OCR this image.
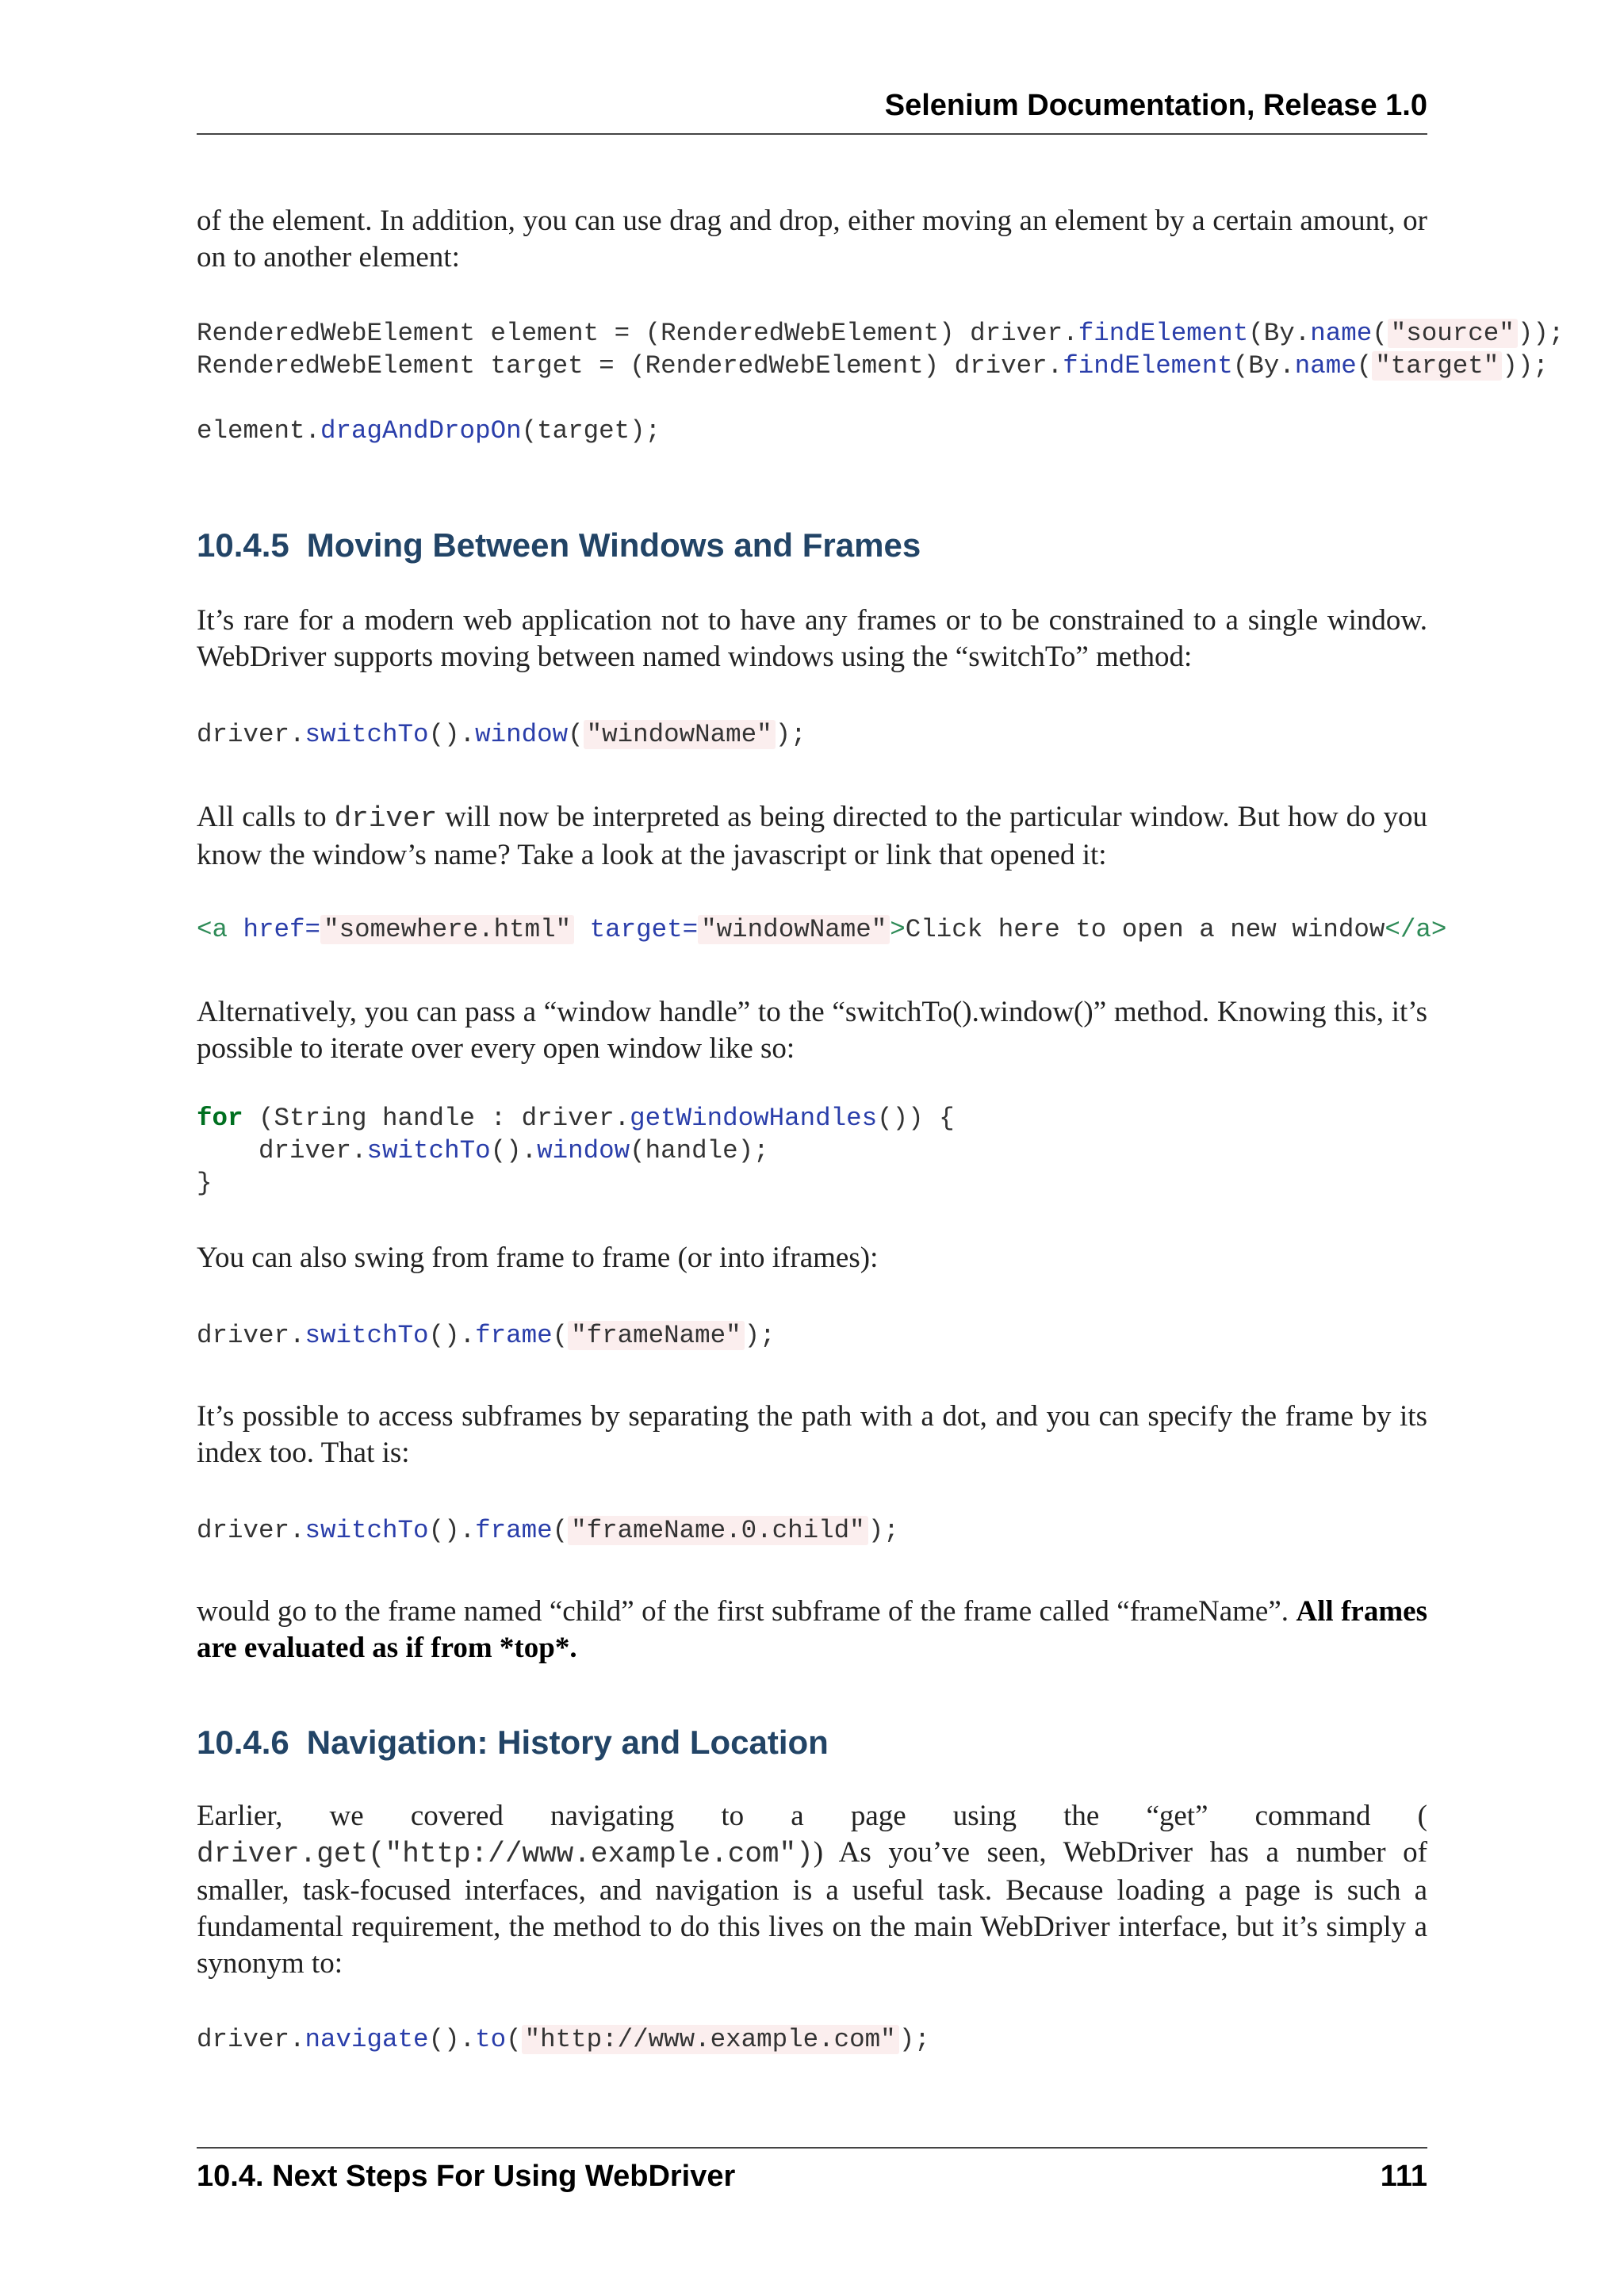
Selenium Documentation, Release 1.0
of the element. In addition, you can use drag and drop, either moving an element by a certain amount, or on to another element:
RenderedWebElement element = (RenderedWebElement) driver.findElement(By.name( "source" ));
RenderedWebElement target = (RenderedWebElement) driver.findElement(By.name( "target" ));

element.dragAndDropOn(target);
10.4.5 Moving Between Windows and Frames
It’s rare for a modern web application not to have any frames or to be constrained to a single window. WebDriver supports moving between named windows using the “switchTo” method:
driver.switchTo().window( "windowName" );
All calls to driver will now be interpreted as being directed to the particular window. But how do you know the window’s name? Take a look at the javascript or link that opened it:
<a href= "somewhere.html" target= "windowName" >Click here to open a new window</a>
Alternatively, you can pass a “window handle” to the “switchTo().window()” method. Knowing this, it’s possible to iterate over every open window like so:
for (String handle : driver.getWindowHandles()) {
driver.switchTo().window(handle);
}
You can also swing from frame to frame (or into iframes):
driver.switchTo().frame( "frameName" );
It’s possible to access subframes by separating the path with a dot, and you can specify the frame by its index too. That is:
driver.switchTo().frame( "frameName.0.child" );
would go to the frame named “child” of the first subframe of the frame called “frameName”. All frames are evaluated as if from *top*.
10.4.6 Navigation: History and Location
Earlier, we covered navigating to a page using the “get” command ( driver.get("http://www.example.com")) As you’ve seen, WebDriver has a number of smaller, task-focused interfaces, and navigation is a useful task. Because loading a page is such a fundamental requirement, the method to do this lives on the main WebDriver interface, but it’s simply a synonym to:
driver.navigate().to( "http://www.example.com" );
10.4. Next Steps For Using WebDriver	111
